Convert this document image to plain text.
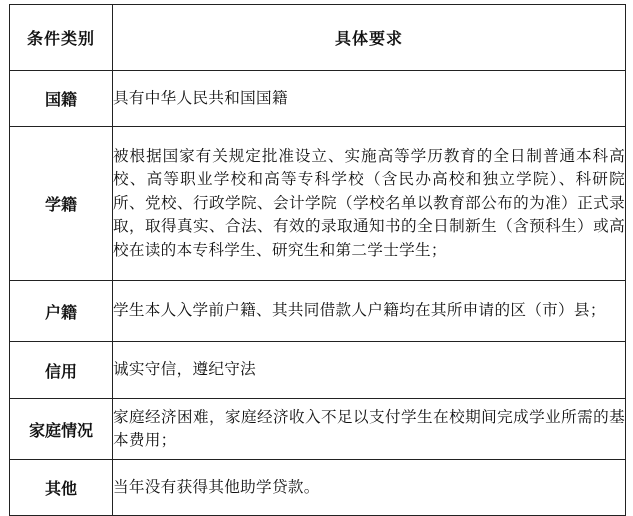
条件类别	具体要求
国籍	具有中华人民共和国国籍
学籍	被根据国家有关规定批准设立、实施高等学历教育的全日制普通本科高校、高等职业学校和高等专科学校（含民办高校和独立学院）、科研院所、党校、行政学院、会计学院（学校名单以教育部公布的为准）正式录取，取得真实、合法、有效的录取通知书的全日制新生（含预科生）或高校在读的本专科学生、研究生和第二学士学生；
户籍	学生本人入学前户籍、其共同借款人户籍均在其所申请的区（市）县；
信用	诚实守信，遵纪守法
家庭情况	家庭经济困难，家庭经济收入不足以支付学生在校期间完成学业所需的基本费用；
其他	当年没有获得其他助学贷款。
